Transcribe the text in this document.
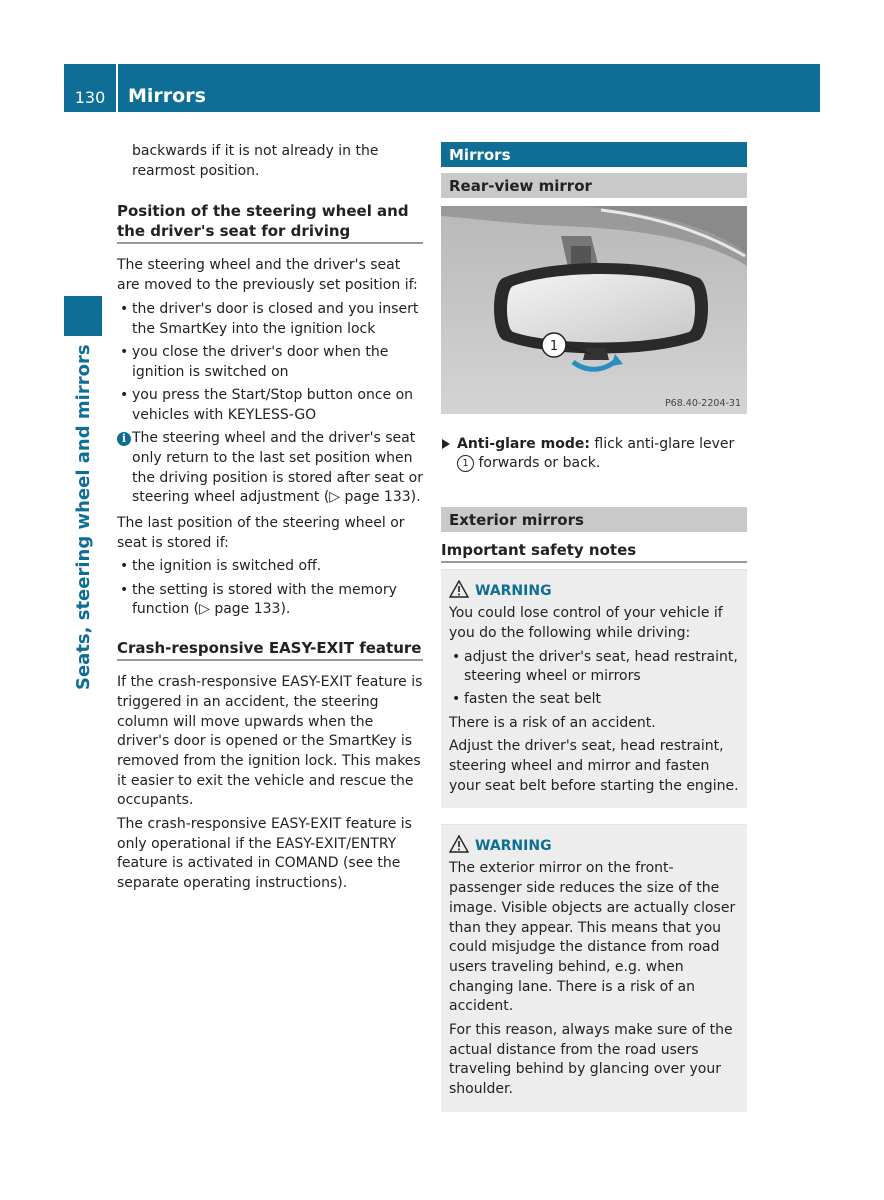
130	Mirrors
Seats, steering wheel and mirrors

backwards if it is not already in the rearmost position.

Position of the steering wheel and the driver's seat for driving

The steering wheel and the driver's seat are moved to the previously set position if:

• the driver's door is closed and you insert the SmartKey into the ignition lock
• you close the driver's door when the ignition is switched on
• you press the Start/Stop button once on vehicles with KEYLESS-GO
i The steering wheel and the driver's seat only return to the last set position when the driving position is stored after seat or steering wheel adjustment (▷ page 133).

The last position of the steering wheel or seat is stored if:

• the ignition is switched off.
• the setting is stored with the memory function (▷ page 133).
Crash-responsive EASY-EXIT feature

If the crash-responsive EASY-EXIT feature is triggered in an accident, the steering column will move upwards when the driver's door is opened or the SmartKey is removed from the ignition lock. This makes it easier to exit the vehicle and rescue the occupants.

The crash-responsive EASY-EXIT feature is only operational if the EASY-EXIT/ENTRY feature is activated in COMAND (see the separate operating instructions).

Mirrors
Rear-view mirror
1
P68.40-2204-31
Anti-glare mode: flick anti-glare lever 1 forwards or back.
Exterior mirrors
Important safety notes
WARNING

You could lose control of your vehicle if you do the following while driving:

• adjust the driver's seat, head restraint, steering wheel or mirrors
• fasten the seat belt

There is a risk of an accident.

Adjust the driver's seat, head restraint, steering wheel and mirror and fasten your seat belt before starting the engine.

WARNING

The exterior mirror on the front-passenger side reduces the size of the image. Visible objects are actually closer than they appear. This means that you could misjudge the distance from road users traveling behind, e.g. when changing lane. There is a risk of an accident.

For this reason, always make sure of the actual distance from the road users traveling behind by glancing over your shoulder.
